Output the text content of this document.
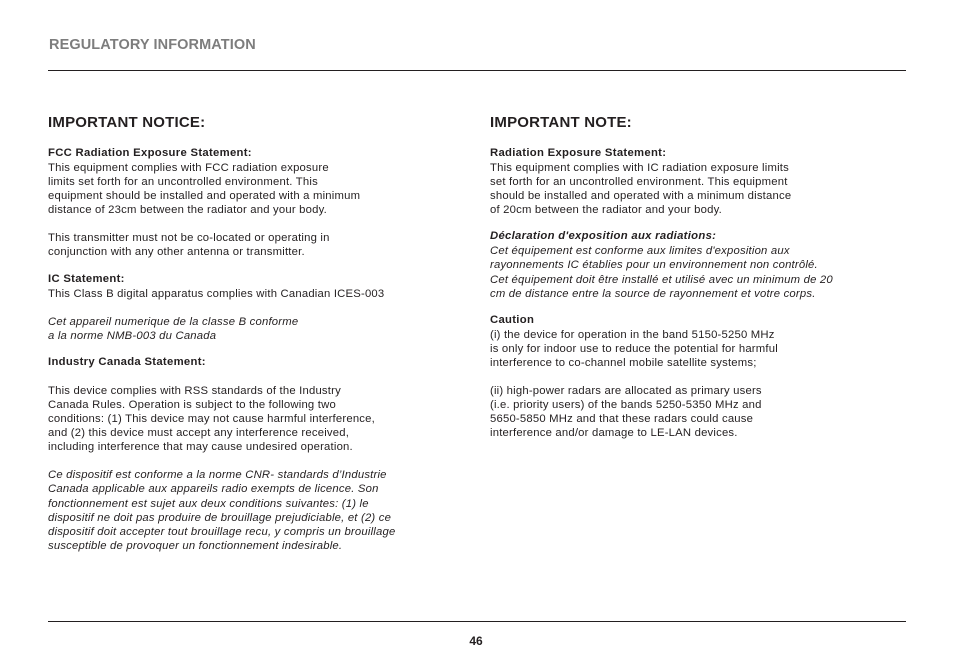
REGULATORY INFORMATION
IMPORTANT NOTICE:
FCC Radiation Exposure Statement:

This equipment complies with FCC radiation exposure
limits set forth for an uncontrolled environment. This
equipment should be installed and operated with a minimum
distance of 23cm between the radiator and your body.

This transmitter must not be co-located or operating in
conjunction with any other antenna or transmitter.

IC Statement:

This Class B digital apparatus complies with Canadian ICES-003

Cet appareil numerique de la classe B conforme
a la norme NMB-003 du Canada

Industry Canada Statement:

This device complies with RSS standards of the Industry
Canada Rules. Operation is subject to the following two
conditions: (1) This device may not cause harmful interference,
and (2) this device must accept any interference received,
including interference that may cause undesired operation.

Ce dispositif est conforme a la norme CNR- standards d’Industrie
Canada applicable aux appareils radio exempts de licence. Son
fonctionnement est sujet aux deux conditions suivantes: (1) le
dispositif ne doit pas produire de brouillage prejudiciable, et (2) ce
dispositif doit accepter tout brouillage recu, y compris un brouillage
susceptible de provoquer un fonctionnement indesirable.

IMPORTANT NOTE:
Radiation Exposure Statement:

This equipment complies with IC radiation exposure limits
set forth for an uncontrolled environment. This equipment
should be installed and operated with a minimum distance
of 20cm between the radiator and your body.

Déclaration d'exposition aux radiations:

Cet équipement est conforme aux limites d'exposition aux
rayonnements IC établies pour un environnement non contrôlé.
Cet équipement doit être installé et utilisé avec un minimum de 20
cm de distance entre la source de rayonnement et votre corps.

Caution

(i) the device for operation in the band 5150-5250 MHz
is only for indoor use to reduce the potential for harmful
interference to co-channel mobile satellite systems;

(ii) high-power radars are allocated as primary users
(i.e. priority users) of the bands 5250-5350 MHz and
5650-5850 MHz and that these radars could cause
interference and/or damage to LE-LAN devices.

46
